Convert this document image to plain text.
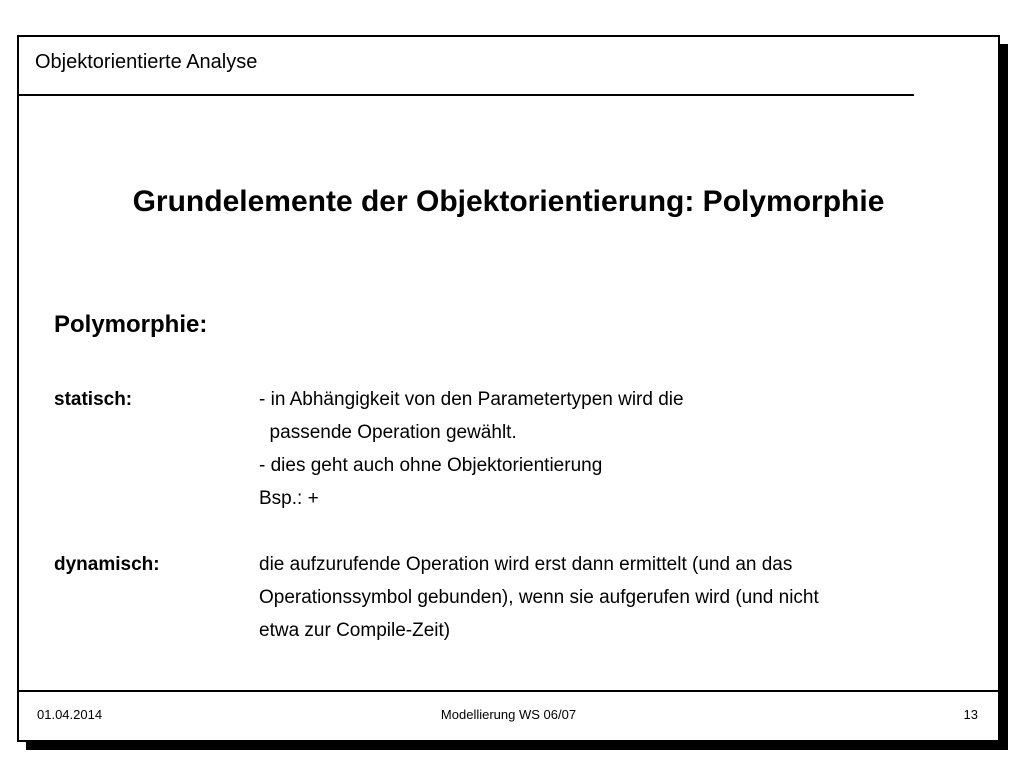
Objektorientierte Analyse
Grundelemente der Objektorientierung: Polymorphie
Polymorphie:
statisch:	- in Abhängigkeit von den Parametertypen wird die
passende Operation gewählt.
- dies geht auch ohne Objektorientierung
Bsp.: +
dynamisch:	die aufzurufende Operation wird erst dann ermittelt (und an das
Operationssymbol gebunden), wenn sie aufgerufen wird (und nicht
etwa zur Compile-Zeit)
01.04.2014	Modellierung WS 06/07	13
